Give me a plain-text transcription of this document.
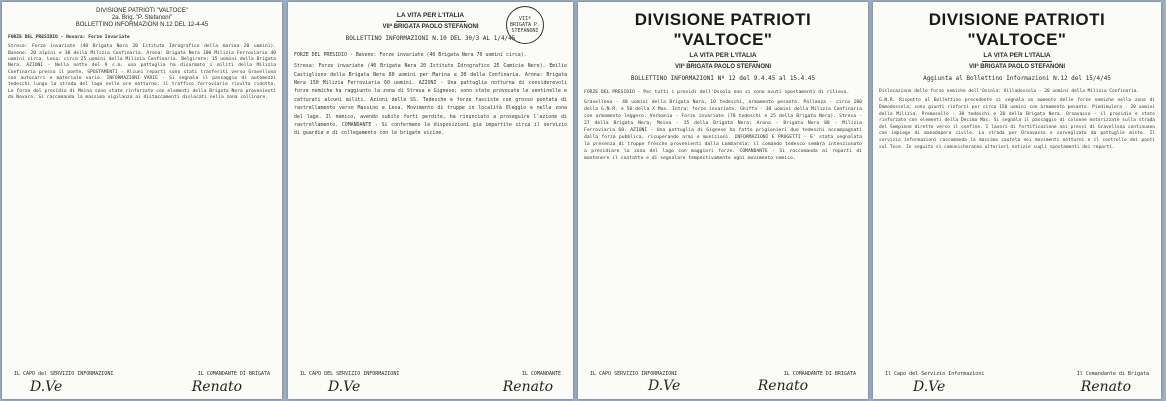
DIVISIONE PATRIOTI "VALTOCE"
2a. Brig. "P. Stefanoni"
BOLLETTINO INFORMAZIONI N.12 DEL 12-4-45
FORZE DEL PRESIDIO - Novara: Forze Invariate
Stresa: Forze invariate (40 Brigata Nera 20 Istituto Idrografico della marina 20 uomini). Baveno: 20 alpini e 30 della Milizia Confinaria. Arona: Brigata Nera 100 Milizia Ferroviaria 40 uomini circa. Lesa: circa 25 uomini della Milizia Confinaria. Belgirate: 15 uomini della Brigata Nera. AZIONI - Nella notte del 9 c.m. una pattuglia ha disarmato i militi della Milizia Confinaria presso il ponte. SPOSTAMENTI - Alcuni reparti sono stati trasferiti verso Gravellona con autocarri e materiale vario. INFORMAZIONI VARIE - Si segnala il passaggio di automezzi tedeschi lungo la strada del lago nelle ore notturne; il traffico ferroviario risulta ridotto. Le forze del presidio di Meina sono state rinforzate con elementi della Brigata Nera provenienti da Novara. Si raccomanda la massima vigilanza ai distaccamenti dislocati nella zona collinare.
IL CAPO del SERVIZIO INFORMAZIONI	IL COMANDANTE DI BRIGATA
D.Ve	Renato
LA VITA PER L'ITALIA
VIIª BRIGATA PAOLO STEFANONI
BOLLETTINO INFORMAZIONI N.10 DEL 30/3 AL 1/4/45
VIIª BRIGATA P. STEFANONI
FORZE DEL PRESIDIO - Baveno: Forze invariate (40 Brigata Nera 70 uomini circa).
Stresa: Forze invariate (40 Brigata Nera 20 Istituto Idrografico 25 Camicie Nere). Emilio Castigliono della Brigata Nera 80 uomini per Marina e 30 della Confinaria. Arona: Brigata Nera 150 Milizia Ferroviaria 60 uomini. AZIONI - Una pattuglia notturna di considerevoli forze nemiche ha raggiunto la zona di Stresa e Gignese; sono state provocate le sentinelle e catturati alcuni militi. Azioni delle SS. Tedesche e forze fasciste con grosso puntata di rastrellamento verso Massino e Lesa. Movimento di truppe in località Oleggio e nella zona del lago. Il nemico, avendo subito forti perdite, ha rinunciato a proseguire l'azione di rastrellamento. COMANDANTE - Si confermano le disposizioni gia impartite circa il servizio di guardia e di collegamento con le brigate vicine.
IL CAPO DEL SERVIZIO INFORMAZIONI	IL COMANDANTE
D.Ve	Renato
DIVISIONE PATRIOTI "VALTOCE"
LA VITA PER L'ITALIA
VIIª BRIGATA PAOLO STEFANONI
BOLLETTINO INFORMAZIONI Nº 12 del 9.4.45 al 15.4.45
FORZE DEL PRESIDIO - Per tutti i presidi dell'Ossola non si sono avuti spostamenti di rilievo.
Gravellona - 40 uomini della Brigata Nera, 10 tedeschi, armamento pesante. Pallanza - circa 100 della G.N.R. e 50 della X Mas. Intra: forze invariate. Ghiffa - 30 uomini della Milizia Confinaria con armamento leggero. Verbania - Forze invariate (70 tedeschi e 25 della Brigata Nera). Stresa - 27 della Brigata Nera; Meina - 15 della Brigata Nera; Arona - Brigata Nera 80 - Milizia Ferroviaria 60. AZIONI - Una pattuglia di Gignese ha fatto prigionieri due tedeschi accompagnati dalla forza pubblica, ricuperando armi e munizioni. INFORMAZIONI E PROGETTI - E' stata segnalata la presenza di truppe fresche provenienti dalla Lombardia; il comando tedesco sembra intenzionato a presidiare la zona del lago con maggiori forze. COMANDANTE - Si raccomanda ai reparti di mantenere il contatto e di segnalare tempestivamente ogni movimento nemico.
IL CAPO SERVIZIO INFORMAZIONI	IL COMANDANTE DI BRIGATA
D.Ve	Renato
DIVISIONE PATRIOTI "VALTOCE"
LA VITA PER L'ITALIA
VIIª BRIGATA PAOLO STEFANONI
Aggiunta al Bollettino Informazioni N.12 del 15/4/45
Dislocazione delle forze nemiche dell'Ossola: Villadossola - 20 uomini della Milizia Confinaria.
G.N.R. Rispetto al Bollettino precedente si segnala un aumento delle forze nemiche nella zona di Domodossola; sono giunti rinforzi per circa 150 uomini con armamento pesante. Piedimulera - 20 uomini della Milizia. Premosello - 30 tedeschi e 20 della Brigata Nera. Ornavasso - il presidio e stato rinforzato con elementi della Decima Mas. Si segnala il passaggio di colonne motorizzate sulla strada del Sempione dirette verso il confine. I lavori di fortificazione nei pressi di Gravellona continuano con impiego di manodopera civile. La strada per Ornavasso e sorvegliata da pattuglie miste. Il servizio informazioni raccomanda la massima cautela nei movimenti notturni e il controllo dei ponti sul Toce. In seguito si comunicheranno ulteriori notizie sugli spostamenti dei reparti.
Il Capo del Servizio Informazioni	Il Comandante di Brigata
D.Ve	Renato
